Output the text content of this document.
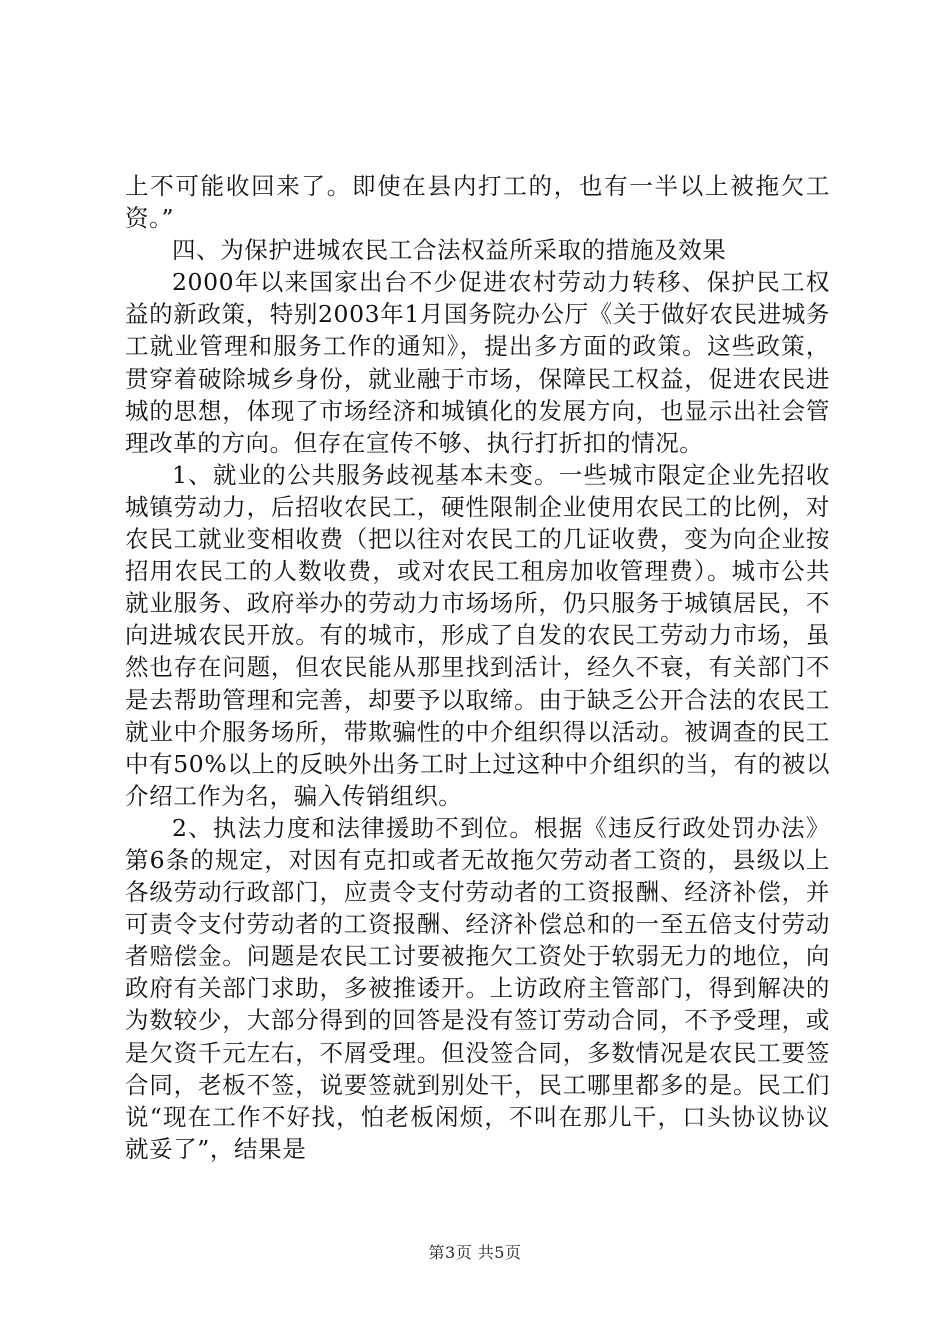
上不可能收回来了。即使在县内打工的，也有一半以上被拖欠工资。”

四、为保护进城农民工合法权益所采取的措施及效果

2000年以来国家出台不少促进农村劳动力转移、保护民工权益的新政策，特别2003年1月国务院办公厅《关于做好农民进城务工就业管理和服务工作的通知》，提出多方面的政策。这些政策，贯穿着破除城乡身份，就业融于市场，保障民工权益，促进农民进城的思想，体现了市场经济和城镇化的发展方向，也显示出社会管理改革的方向。但存在宣传不够、执行打折扣的情况。

1、就业的公共服务歧视基本未变。一些城市限定企业先招收城镇劳动力，后招收农民工，硬性限制企业使用农民工的比例，对农民工就业变相收费（把以往对农民工的几证收费，变为向企业按招用农民工的人数收费，或对农民工租房加收管理费）。城市公共就业服务、政府举办的劳动力市场场所，仍只服务于城镇居民，不向进城农民开放。有的城市，形成了自发的农民工劳动力市场，虽然也存在问题，但农民能从那里找到活计，经久不衰，有关部门不是去帮助管理和完善，却要予以取缔。由于缺乏公开合法的农民工就业中介服务场所，带欺骗性的中介组织得以活动。被调查的民工中有50%以上的反映外出务工时上过这种中介组织的当，有的被以介绍工作为名，骗入传销组织。

2、执法力度和法律援助不到位。根据《违反行政处罚办法》第6条的规定，对因有克扣或者无故拖欠劳动者工资的，县级以上各级劳动行政部门，应责令支付劳动者的工资报酬、经济补偿，并可责令支付劳动者的工资报酬、经济补偿总和的一至五倍支付劳动者赔偿金。问题是农民工讨要被拖欠工资处于软弱无力的地位，向政府有关部门求助，多被推诿开。上访政府主管部门，得到解决的为数较少，大部分得到的回答是没有签订劳动合同，不予受理，或是欠资千元左右，不屑受理。但没签合同，多数情况是农民工要签合同，老板不签，说要签就到别处干，民工哪里都多的是。民工们说“现在工作不好找，怕老板闲烦，不叫在那儿干，口头协议协议就妥了”，结果是

第3页 共5页
